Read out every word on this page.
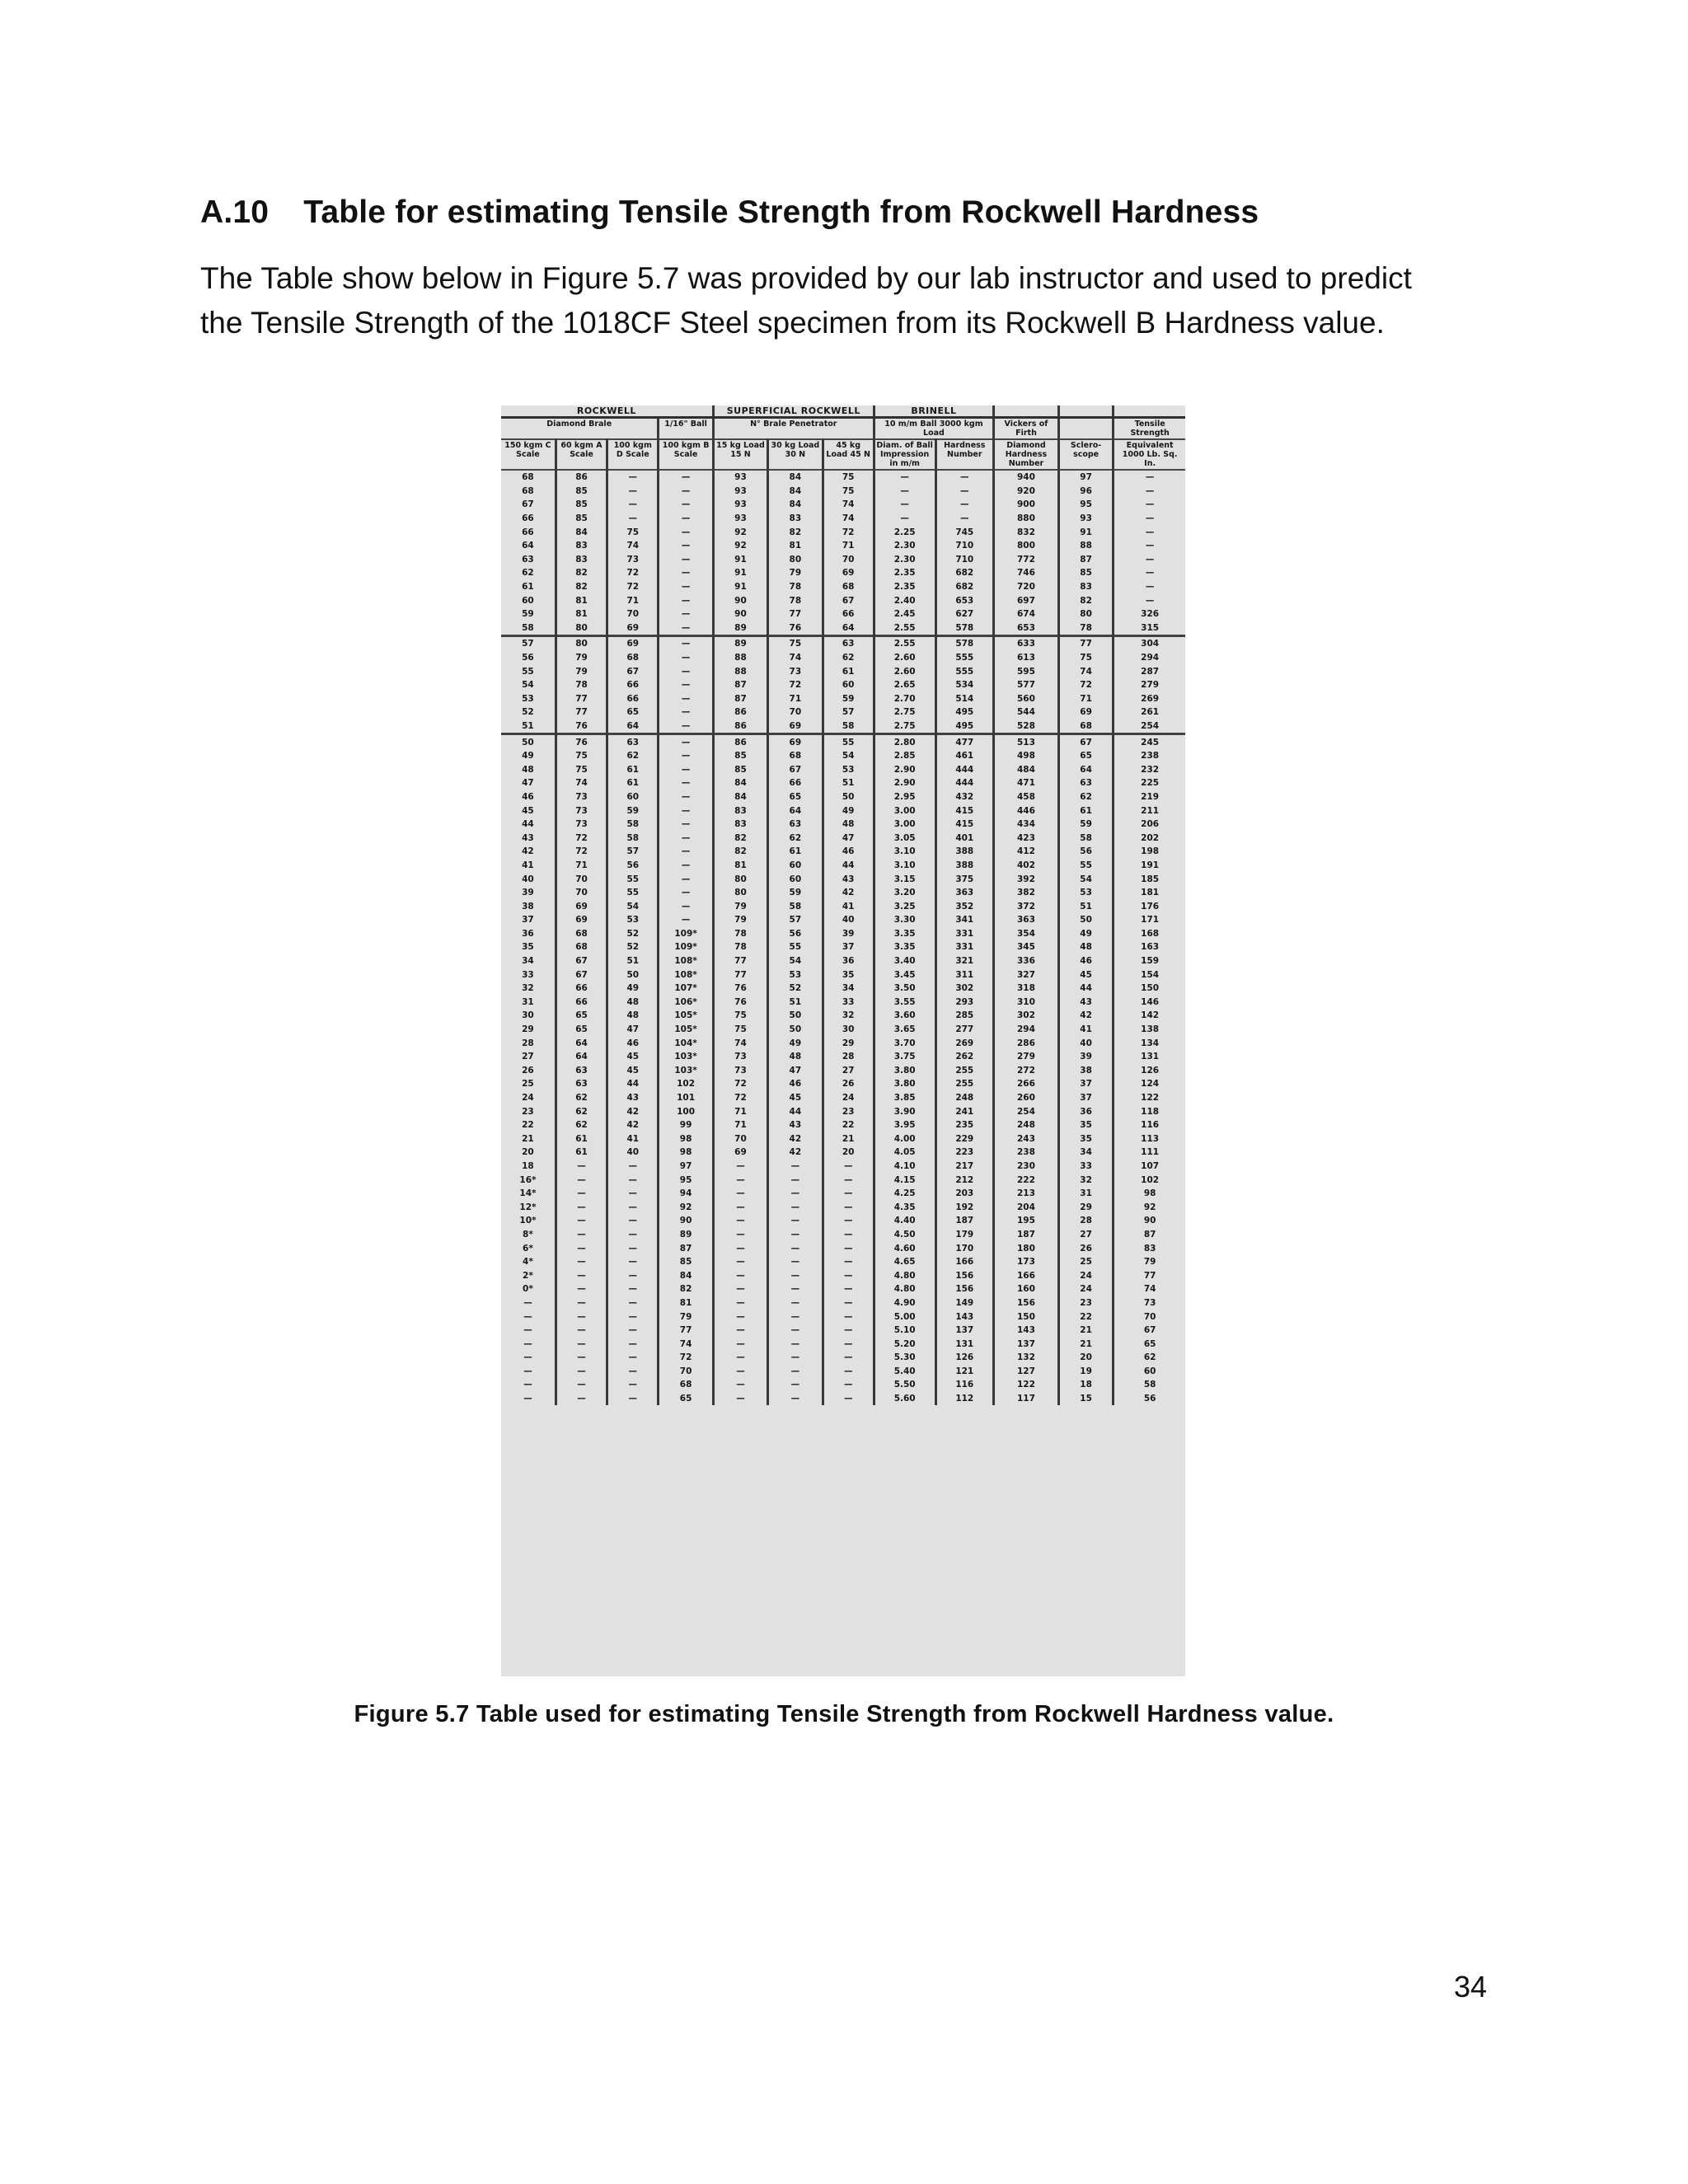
A.10 Table for estimating Tensile Strength from Rockwell Hardness

The Table show below in Figure 5.7 was provided by our lab instructor and used to predict the Tensile Strength of the 1018CF Steel specimen from its Rockwell B Hardness value.

ROCKWELL				SUPERFICIAL ROCKWELL			BRINELL				
Diamond Brale			1/16" Ball	N° Brale Penetrator			10 m/m Ball 3000 kgm Load		Vickers of Firth		Tensile Strength
150 kgm C Scale	60 kgm A Scale	100 kgm D Scale	100 kgm B Scale	15 kg Load 15 N	30 kg Load 30 N	45 kg Load 45 N	Diam. of Ball Impression in m/m	Hardness Number	Diamond Hardness Number	Sclero-scope	Equivalent 1000 Lb. Sq. In.
68	86	—	—	93	84	75	—	—	940	97	—
68	85	—	—	93	84	75	—	—	920	96	—
67	85	—	—	93	84	74	—	—	900	95	—
66	85	—	—	93	83	74	—	—	880	93	—
66	84	75	—	92	82	72	2.25	745	832	91	—
64	83	74	—	92	81	71	2.30	710	800	88	—
63	83	73	—	91	80	70	2.30	710	772	87	—
62	82	72	—	91	79	69	2.35	682	746	85	—
61	82	72	—	91	78	68	2.35	682	720	83	—
60	81	71	—	90	78	67	2.40	653	697	82	—
59	81	70	—	90	77	66	2.45	627	674	80	326
58	80	69	—	89	76	64	2.55	578	653	78	315
57	80	69	—	89	75	63	2.55	578	633	77	304
56	79	68	—	88	74	62	2.60	555	613	75	294
55	79	67	—	88	73	61	2.60	555	595	74	287
54	78	66	—	87	72	60	2.65	534	577	72	279
53	77	66	—	87	71	59	2.70	514	560	71	269
52	77	65	—	86	70	57	2.75	495	544	69	261
51	76	64	—	86	69	58	2.75	495	528	68	254
50	76	63	—	86	69	55	2.80	477	513	67	245
49	75	62	—	85	68	54	2.85	461	498	65	238
48	75	61	—	85	67	53	2.90	444	484	64	232
47	74	61	—	84	66	51	2.90	444	471	63	225
46	73	60	—	84	65	50	2.95	432	458	62	219
45	73	59	—	83	64	49	3.00	415	446	61	211
44	73	58	—	83	63	48	3.00	415	434	59	206
43	72	58	—	82	62	47	3.05	401	423	58	202
42	72	57	—	82	61	46	3.10	388	412	56	198
41	71	56	—	81	60	44	3.10	388	402	55	191
40	70	55	—	80	60	43	3.15	375	392	54	185
39	70	55	—	80	59	42	3.20	363	382	53	181
38	69	54	—	79	58	41	3.25	352	372	51	176
37	69	53	—	79	57	40	3.30	341	363	50	171
36	68	52	109*	78	56	39	3.35	331	354	49	168
35	68	52	109*	78	55	37	3.35	331	345	48	163
34	67	51	108*	77	54	36	3.40	321	336	46	159
33	67	50	108*	77	53	35	3.45	311	327	45	154
32	66	49	107*	76	52	34	3.50	302	318	44	150
31	66	48	106*	76	51	33	3.55	293	310	43	146
30	65	48	105*	75	50	32	3.60	285	302	42	142
29	65	47	105*	75	50	30	3.65	277	294	41	138
28	64	46	104*	74	49	29	3.70	269	286	40	134
27	64	45	103*	73	48	28	3.75	262	279	39	131
26	63	45	103*	73	47	27	3.80	255	272	38	126
25	63	44	102	72	46	26	3.80	255	266	37	124
24	62	43	101	72	45	24	3.85	248	260	37	122
23	62	42	100	71	44	23	3.90	241	254	36	118
22	62	42	99	71	43	22	3.95	235	248	35	116
21	61	41	98	70	42	21	4.00	229	243	35	113
20	61	40	98	69	42	20	4.05	223	238	34	111
18	—	—	97	—	—	—	4.10	217	230	33	107
16*	—	—	95	—	—	—	4.15	212	222	32	102
14*	—	—	94	—	—	—	4.25	203	213	31	98
12*	—	—	92	—	—	—	4.35	192	204	29	92
10*	—	—	90	—	—	—	4.40	187	195	28	90
8*	—	—	89	—	—	—	4.50	179	187	27	87
6*	—	—	87	—	—	—	4.60	170	180	26	83
4*	—	—	85	—	—	—	4.65	166	173	25	79
2*	—	—	84	—	—	—	4.80	156	166	24	77
0*	—	—	82	—	—	—	4.80	156	160	24	74
—	—	—	81	—	—	—	4.90	149	156	23	73
—	—	—	79	—	—	—	5.00	143	150	22	70
—	—	—	77	—	—	—	5.10	137	143	21	67
—	—	—	74	—	—	—	5.20	131	137	21	65
—	—	—	72	—	—	—	5.30	126	132	20	62
—	—	—	70	—	—	—	5.40	121	127	19	60
—	—	—	68	—	—	—	5.50	116	122	18	58
—	—	—	65	—	—	—	5.60	112	117	15	56

Figure 5.7 Table used for estimating Tensile Strength from Rockwell Hardness value.

34
